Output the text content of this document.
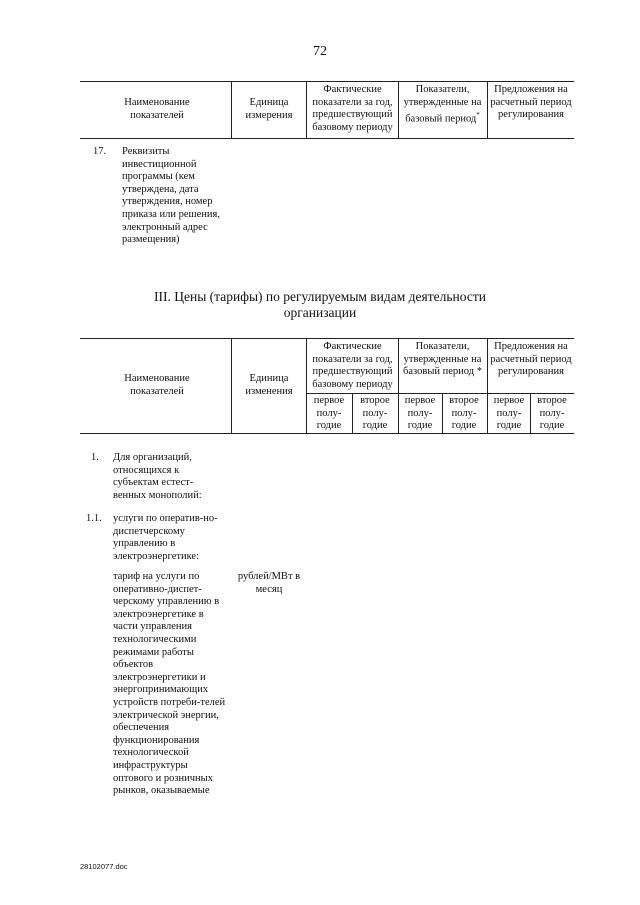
72
Наименование показателей
Единица измерения
Фактические показатели за год, предшествующий базовому периоду
Показатели, утвержденные на базовый период*
Предложения на расчетный период регулирования
17. Реквизиты инвестиционной программы (кем утверждена, дата утверждения, номер приказа или решения, электронный адрес размещения)
III. Цены (тарифы) по регулируемым видам деятельности организации
Наименование показателей
Единица изменения
Фактические показатели за год, предшествующий базовому периоду
Показатели, утвержденные на базовый период *
Предложения на расчетный период регулирования
первое полу-годие
второе полу-годие
первое полу-годие
второе полу-годие
первое полу-годие
второе полу-годие
1. Для организаций, относящихся к субъектам естест-венных монополий:
1.1. услуги по оператив-но-диспетчерскому управлению в электроэнергетике:
тариф на услуги по оперативно-диспет-черскому управлению в электроэнергетике в части управления технологическими режимами работы объектов электроэнергетики и энергопринимающих устройств потреби-телей электрической энергии, обеспечения функционирования технологической инфраструктуры оптового и розничных рынков, оказываемые
рублей/МВт в месяц
28102077.doc
